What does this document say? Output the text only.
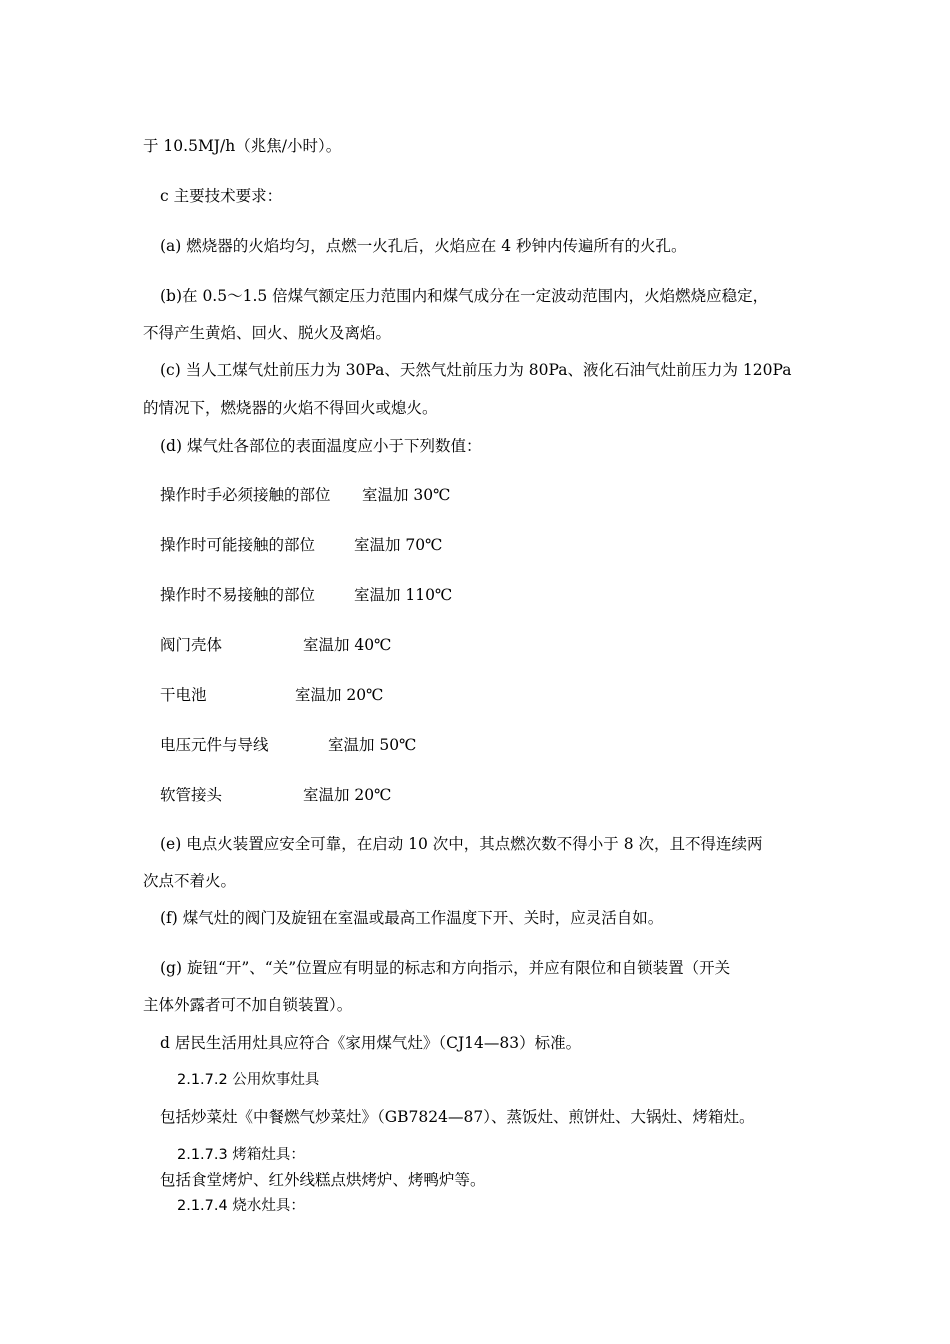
于 10.5MJ/h（兆焦/小时）。
c 主要技术要求：
(a) 燃烧器的火焰均匀，点燃一火孔后，火焰应在 4 秒钟内传遍所有的火孔。
(b)在 0.5～1.5 倍煤气额定压力范围内和煤气成分在一定波动范围内，火焰燃烧应稳定，
不得产生黄焰、回火、脱火及离焰。
(c) 当人工煤气灶前压力为 30Pa、天然气灶前压力为 80Pa、液化石油气灶前压力为 120Pa
的情况下，燃烧器的火焰不得回火或熄火。
(d) 煤气灶各部位的表面温度应小于下列数值：
操作时手必须接触的部位 室温加 30℃
操作时可能接触的部位	室温加 70℃
操作时不易接触的部位	室温加 110℃
阀门壳体	室温加 40℃
干电池	室温加 20℃
电压元件与导线	室温加 50℃
软管接头	室温加 20℃
(e) 电点火装置应安全可靠，在启动 10 次中，其点燃次数不得小于 8 次，且不得连续两
次点不着火。
(f) 煤气灶的阀门及旋钮在室温或最高工作温度下开、关时，应灵活自如。
(g) 旋钮“开”、“关”位置应有明显的标志和方向指示，并应有限位和自锁装置（开关
主体外露者可不加自锁装置）。
d 居民生活用灶具应符合《家用煤气灶》（CJ14—83）标准。
2.1.7.2 公用炊事灶具
包括炒菜灶《中餐燃气炒菜灶》（GB7824—87）、蒸饭灶、煎饼灶、大锅灶、烤箱灶。
2.1.7.3 烤箱灶具：
包括食堂烤炉、红外线糕点烘烤炉、烤鸭炉等。
2.1.7.4 烧水灶具：
